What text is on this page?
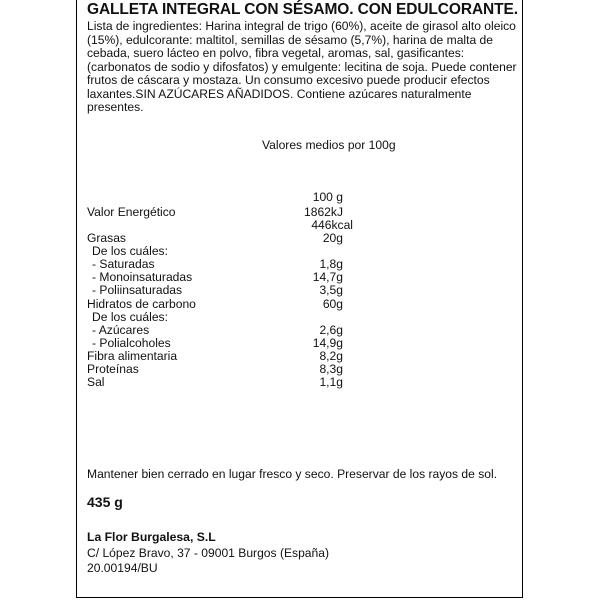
GALLETA INTEGRAL CON SÉSAMO. CON EDULCORANTE.
Lista de ingredientes: Harina integral de trigo (60%), aceite de girasol alto oleico (15%), edulcorante: maltitol, semillas de sésamo (5,7%), harina de malta de cebada, suero lácteo en polvo, fibra vegetal, aromas, sal, gasificantes: (carbonatos de sodio y difosfatos) y emulgente: lecitina de soja. Puede contener frutos de cáscara y mostaza. Un consumo excesivo puede producir efectos laxantes.SIN AZÚCARES AÑADIDOS. Contiene azúcares naturalmente presentes.
Valores medios por 100g
100 g
Valor Energético	1862kJ
446kcal
Grasas	20g
De los cuáles:
- Saturadas	1,8g
- Monoinsaturadas	14,7g
- Poliinsaturadas	3,5g
Hidratos de carbono	60g
De los cuáles:
- Azúcares	2,6g
- Polialcoholes	14,9g
Fibra alimentaria	8,2g
Proteínas	8,3g
Sal	1,1g
Mantener bien cerrado en lugar fresco y seco. Preservar de los rayos de sol.
435 g
La Flor Burgalesa, S.L
C/ López Bravo, 37 - 09001 Burgos (España)
20.00194/BU
